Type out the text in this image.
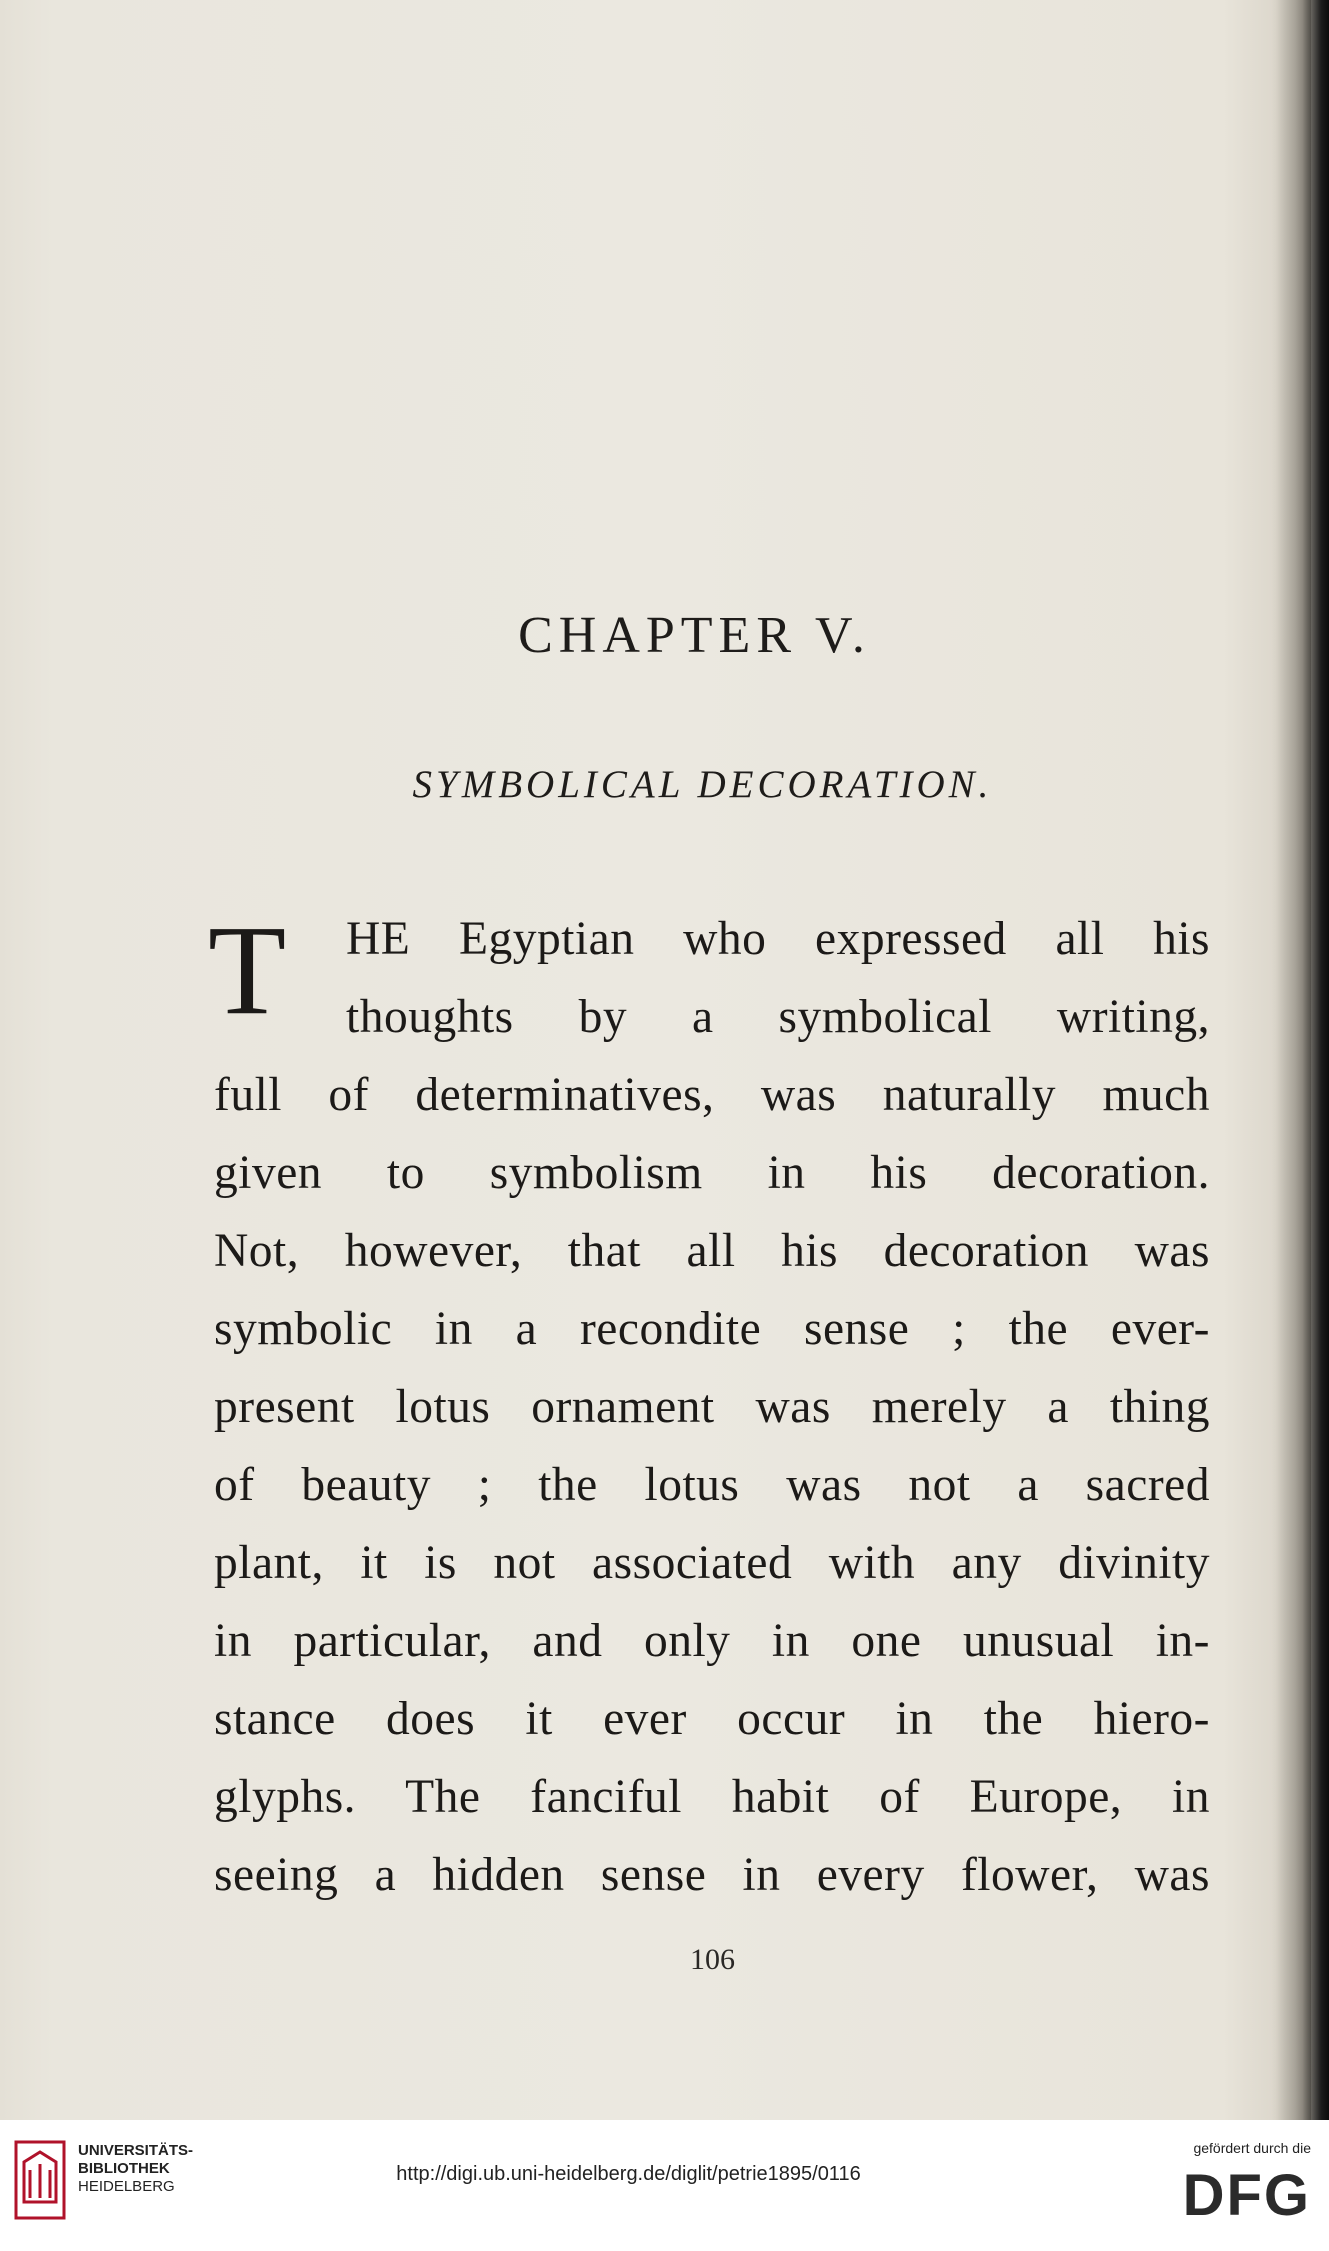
CHAPTER V.
SYMBOLICAL DECORATION.
T HE Egyptian who expressed all his
thoughts by a symbolical writing,
full of determinatives, was naturally much
given to symbolism in his decoration.
Not, however, that all his decoration was
symbolic in a recondite sense ; the ever-
present lotus ornament was merely a thing
of beauty ; the lotus was not a sacred
plant, it is not associated with any divinity
in particular, and only in one unusual in-
stance does it ever occur in the hiero-
glyphs. The fanciful habit of Europe, in
seeing a hidden sense in every flower, was
106
UNIVERSITÄTS-
BIBLIOTHEK
HEIDELBERG
http://digi.ub.uni-heidelberg.de/diglit/petrie1895/0116
gefördert durch die
DFG
